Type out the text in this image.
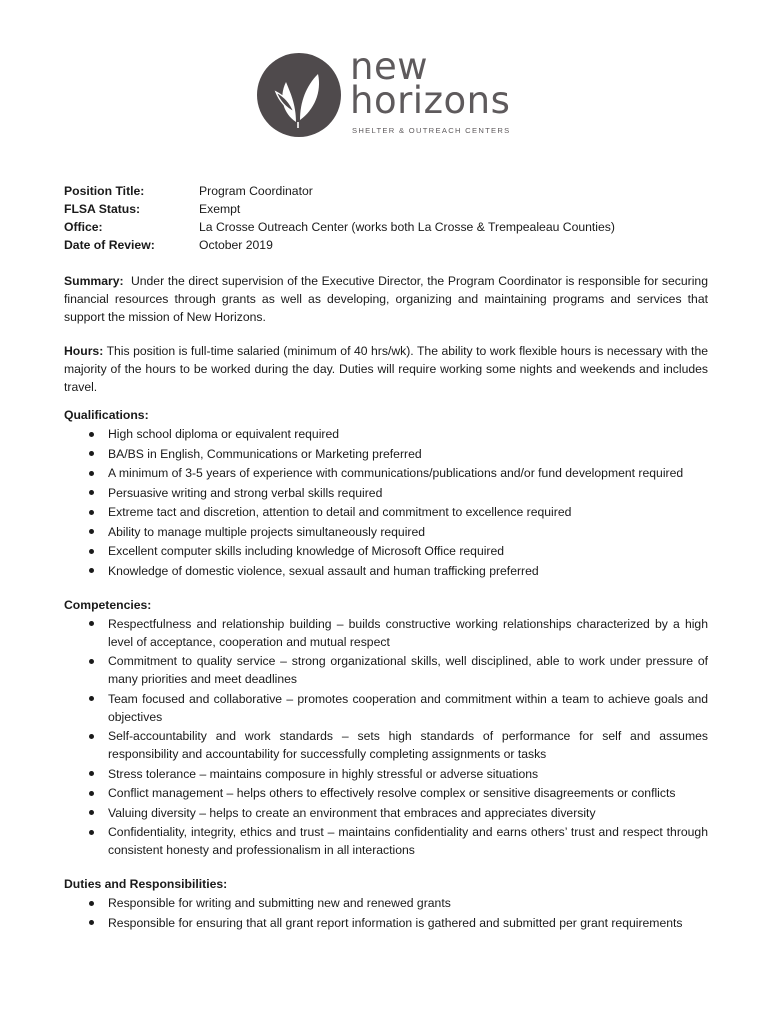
new
horizons
SHELTER & OUTREACH CENTERS
Position Title:	Program Coordinator
FLSA Status:	Exempt
Office:	La Crosse Outreach Center (works both La Crosse & Trempealeau Counties)
Date of Review:	October 2019

Summary: Under the direct supervision of the Executive Director, the Program Coordinator is responsible for securing financial resources through grants as well as developing, organizing and maintaining programs and services that support the mission of New Horizons.

Hours: This position is full-time salaried (minimum of 40 hrs/wk). The ability to work flexible hours is necessary with the majority of the hours to be worked during the day. Duties will require working some nights and weekends and includes travel.

Qualifications:
High school diploma or equivalent required
BA/BS in English, Communications or Marketing preferred
A minimum of 3-5 years of experience with communications/publications and/or fund development required
Persuasive writing and strong verbal skills required
Extreme tact and discretion, attention to detail and commitment to excellence required
Ability to manage multiple projects simultaneously required
Excellent computer skills including knowledge of Microsoft Office required
Knowledge of domestic violence, sexual assault and human trafficking preferred
Competencies:
Respectfulness and relationship building – builds constructive working relationships characterized by a high level of acceptance, cooperation and mutual respect
Commitment to quality service – strong organizational skills, well disciplined, able to work under pressure of many priorities and meet deadlines
Team focused and collaborative – promotes cooperation and commitment within a team to achieve goals and objectives
Self-accountability and work standards – sets high standards of performance for self and assumes responsibility and accountability for successfully completing assignments or tasks
Stress tolerance – maintains composure in highly stressful or adverse situations
Conflict management – helps others to effectively resolve complex or sensitive disagreements or conflicts
Valuing diversity – helps to create an environment that embraces and appreciates diversity
Confidentiality, integrity, ethics and trust – maintains confidentiality and earns others’ trust and respect through consistent honesty and professionalism in all interactions
Duties and Responsibilities:
Responsible for writing and submitting new and renewed grants
Responsible for ensuring that all grant report information is gathered and submitted per grant requirements
